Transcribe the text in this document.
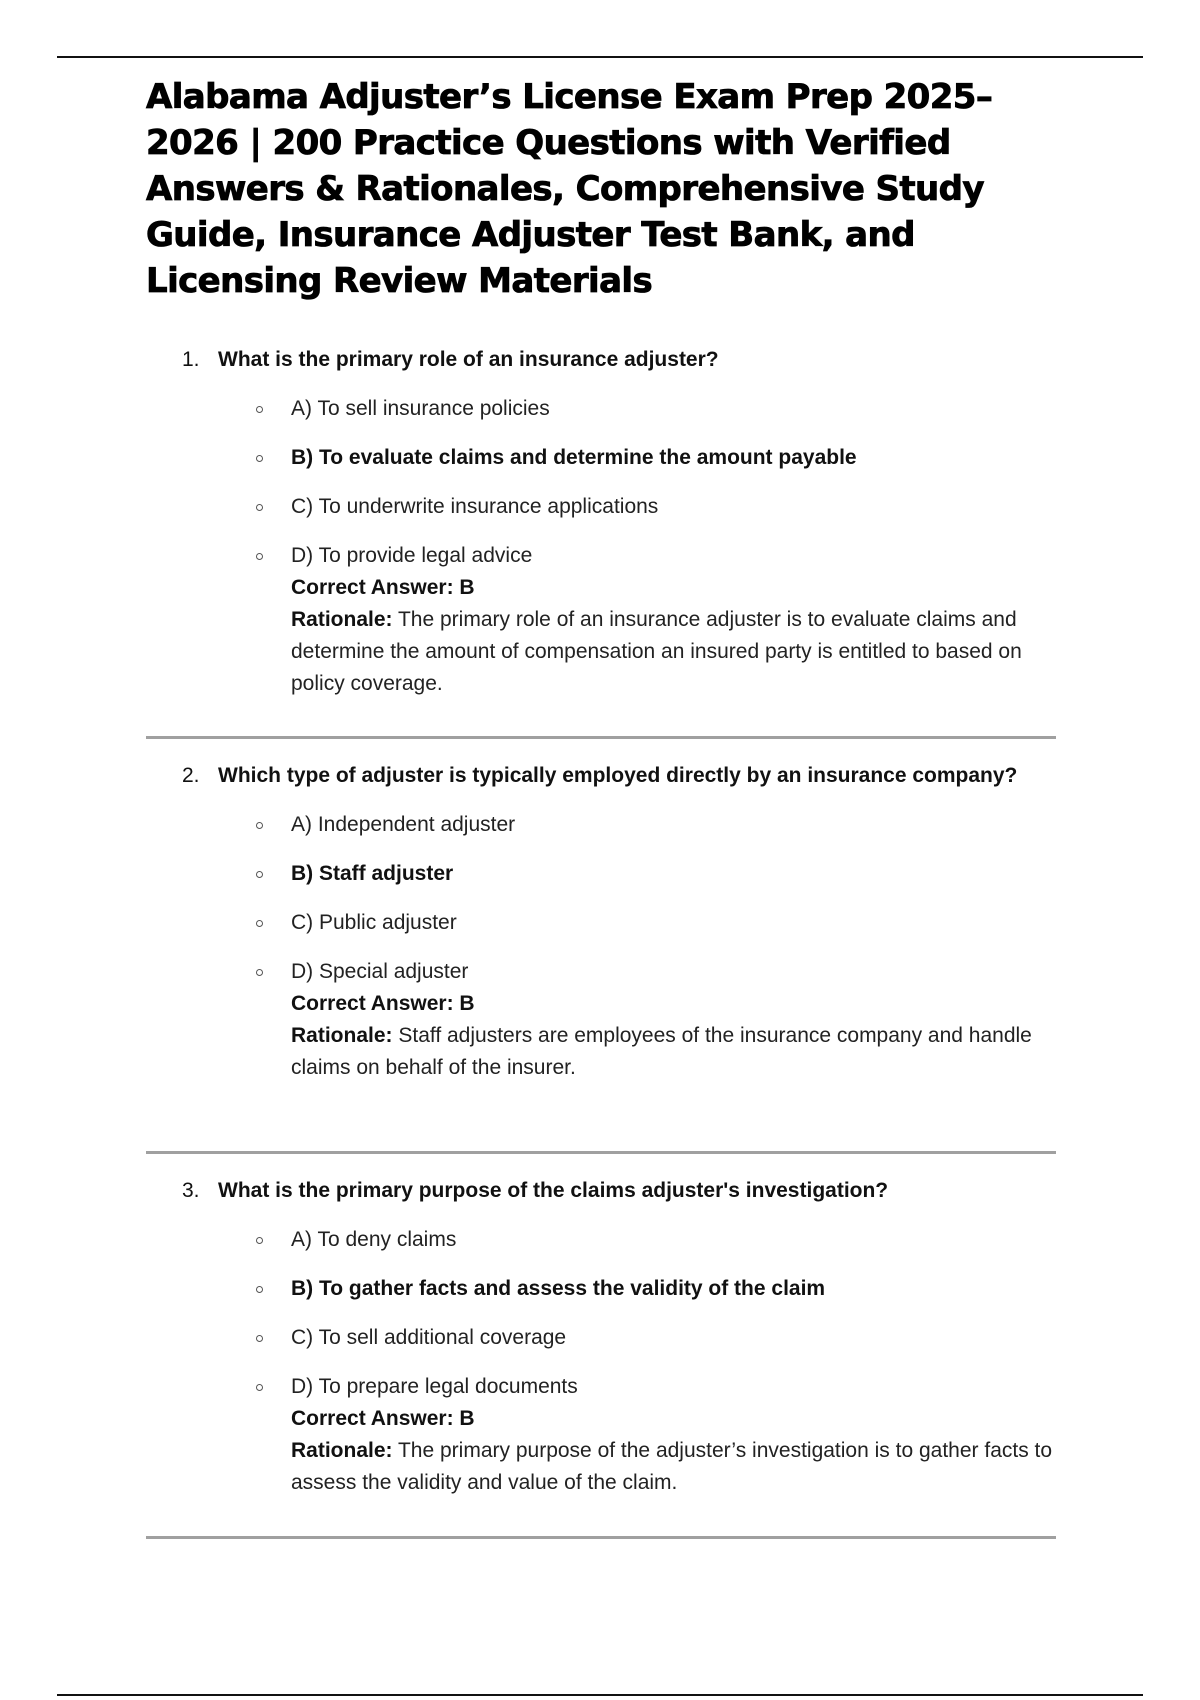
Alabama Adjuster’s License Exam Prep 2025–2026 | 200 Practice Questions with Verified Answers & Rationales, Comprehensive Study Guide, Insurance Adjuster Test Bank, and Licensing Review Materials

1. What is the primary role of an insurance adjuster?

A) To sell insurance policies
B) To evaluate claims and determine the amount payable
C) To underwrite insurance applications
D) To provide legal advice
Correct Answer: B
Rationale: The primary role of an insurance adjuster is to evaluate claims and determine the amount of compensation an insured party is entitled to based on policy coverage.

2. Which type of adjuster is typically employed directly by an insurance company?

A) Independent adjuster
B) Staff adjuster
C) Public adjuster
D) Special adjuster
Correct Answer: B
Rationale: Staff adjusters are employees of the insurance company and handle claims on behalf of the insurer.

3. What is the primary purpose of the claims adjuster's investigation?

A) To deny claims
B) To gather facts and assess the validity of the claim
C) To sell additional coverage
D) To prepare legal documents
Correct Answer: B
Rationale: The primary purpose of the adjuster’s investigation is to gather facts to assess the validity and value of the claim.
